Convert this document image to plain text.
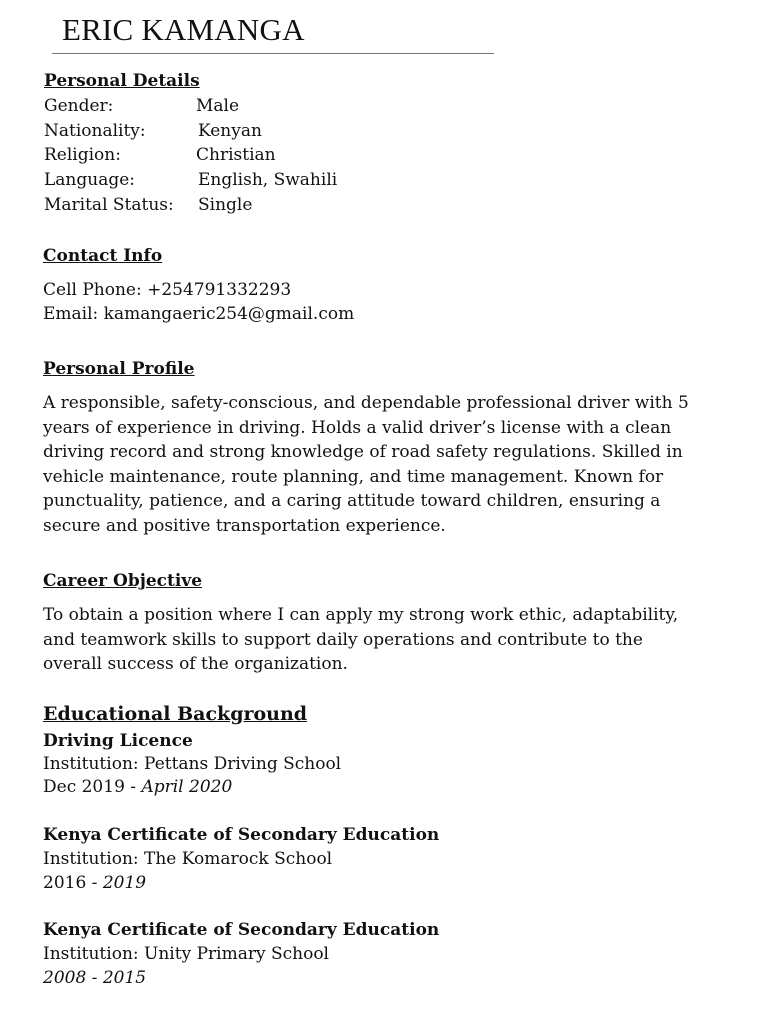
ERIC KAMANGA
Personal Details
Gender:	Male
Nationality:	Kenyan
Religion:	Christian
Language:	English, Swahili
Marital Status: Single
Contact Info
Cell Phone: +254791332293
Email: kamangaeric254@gmail.com
Personal Profile
A responsible, safety-conscious, and dependable professional driver with 5 years of experience in driving. Holds a valid driver’s license with a clean driving record and strong knowledge of road safety regulations. Skilled in vehicle maintenance, route planning, and time management. Known for punctuality, patience, and a caring attitude toward children, ensuring a secure and positive transportation experience.
Career Objective
To obtain a position where I can apply my strong work ethic, adaptability, and teamwork skills to support daily operations and contribute to the overall success of the organization.
Educational Background
Driving Licence
Institution: Pettans Driving School
Dec 2019 - April 2020
Kenya Certificate of Secondary Education
Institution: The Komarock School
2016 - 2019
Kenya Certificate of Secondary Education
Institution: Unity Primary School
2008 - 2015
